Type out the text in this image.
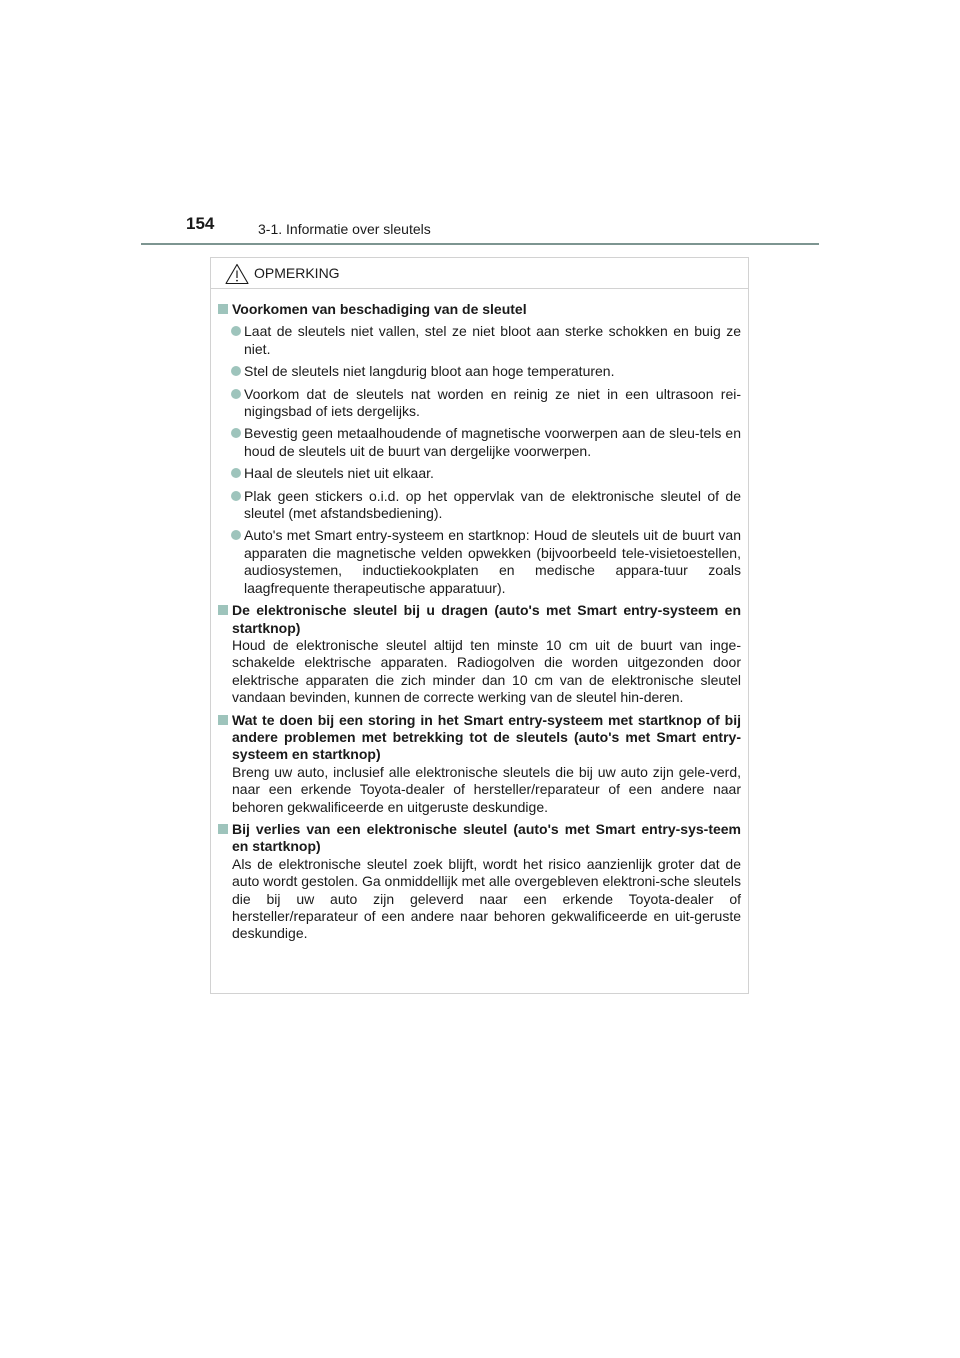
154	3-1. Informatie over sleutels
OPMERKING
Voorkomen van beschadiging van de sleutel
Laat de sleutels niet vallen, stel ze niet bloot aan sterke schokken en buig ze niet.
Stel de sleutels niet langdurig bloot aan hoge temperaturen.
Voorkom dat de sleutels nat worden en reinig ze niet in een ultrasoon rei-nigingsbad of iets dergelijks.
Bevestig geen metaalhoudende of magnetische voorwerpen aan de sleu-tels en houd de sleutels uit de buurt van dergelijke voorwerpen.
Haal de sleutels niet uit elkaar.
Plak geen stickers o.i.d. op het oppervlak van de elektronische sleutel of de sleutel (met afstandsbediening).
Auto's met Smart entry-systeem en startknop: Houd de sleutels uit de buurt van apparaten die magnetische velden opwekken (bijvoorbeeld tele-visietoestellen, audiosystemen, inductiekookplaten en medische appara-tuur zoals laagfrequente therapeutische apparatuur).
De elektronische sleutel bij u dragen (auto's met Smart entry-systeem en startknop)
Houd de elektronische sleutel altijd ten minste 10 cm uit de buurt van inge-schakelde elektrische apparaten. Radiogolven die worden uitgezonden door elektrische apparaten die zich minder dan 10 cm van de elektronische sleutel vandaan bevinden, kunnen de correcte werking van de sleutel hin-deren.
Wat te doen bij een storing in het Smart entry-systeem met startknop of bij andere problemen met betrekking tot de sleutels (auto's met Smart entry-systeem en startknop)
Breng uw auto, inclusief alle elektronische sleutels die bij uw auto zijn gele-verd, naar een erkende Toyota-dealer of hersteller/reparateur of een andere naar behoren gekwalificeerde en uitgeruste deskundige.
Bij verlies van een elektronische sleutel (auto's met Smart entry-sys-teem en startknop)
Als de elektronische sleutel zoek blijft, wordt het risico aanzienlijk groter dat de auto wordt gestolen. Ga onmiddellijk met alle overgebleven elektroni-sche sleutels die bij uw auto zijn geleverd naar een erkende Toyota-dealer of hersteller/reparateur of een andere naar behoren gekwalificeerde en uit-geruste deskundige.
